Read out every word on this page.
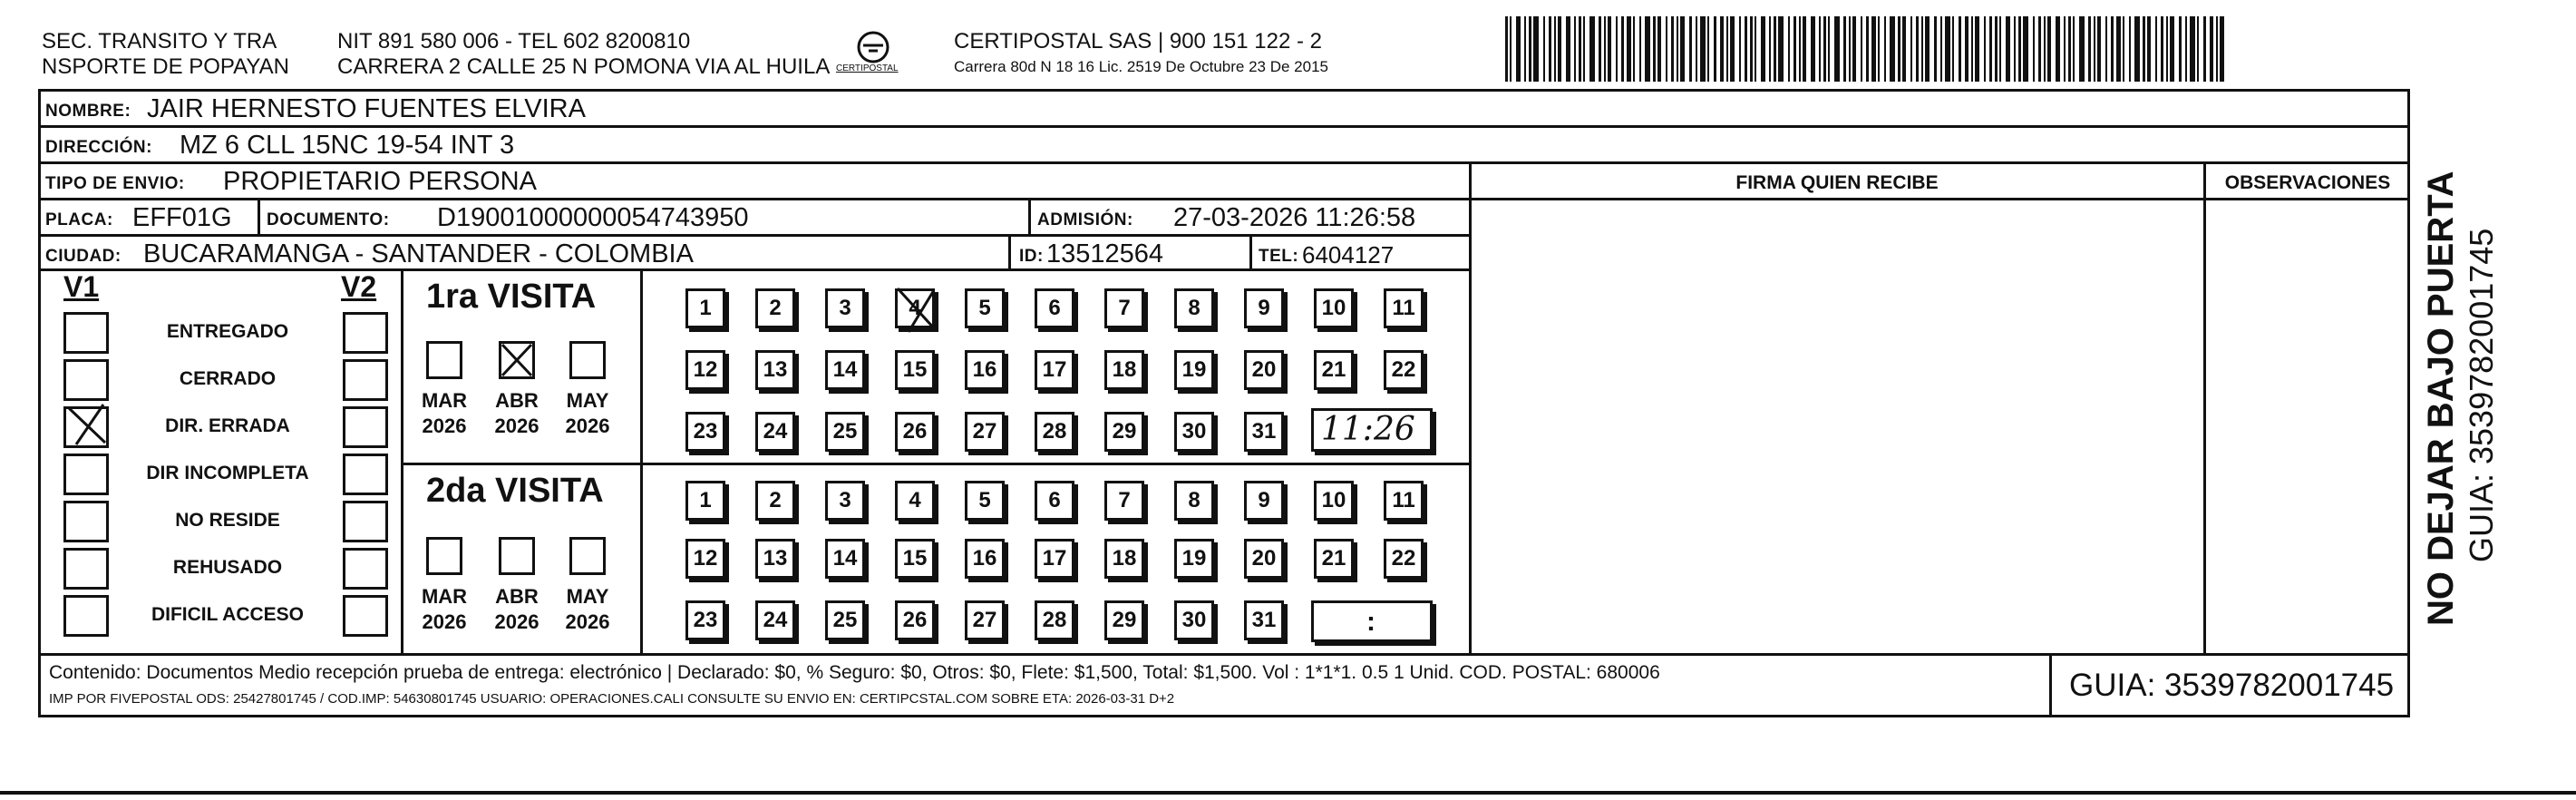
SEC. TRANSITO Y TRA
NSPORTE DE POPAYAN
NIT 891 580 006 - TEL 602 8200810
CARRERA 2 CALLE 25 N POMONA VIA AL HUILA CERTIPOSTAL
CERTIPOSTAL SAS | 900 151 122 - 2
Carrera 80d N 18 16 Lic. 2519 De Octubre 23 De 2015
NOMBRE: JAIR HERNESTO FUENTES ELVIRA
DIRECCIÓN: MZ 6 CLL 15NC 19-54 INT 3
TIPO DE ENVIO: PROPIETARIO PERSONA	FIRMA QUIEN RECIBE	OBSERVACIONES
PLACA: EFF01G DOCUMENTO: D19001000000054743950	ADMISIÓN: 27-03-2026 11:26:58
CIUDAD: BUCARAMANGA - SANTANDER - COLOMBIA	ID: 13512564	TEL: 6404127
V1	V2
ENTREGADO
CERRADO
DIR. ERRADA
DIR INCOMPLETA
NO RESIDE
REHUSADO
DIFICIL ACCESO
1ra VISITA
MAR
2026
ABR
2026
MAY
2026
1	2	3	4	5	6	7	8	9	10	11
12	13	14	15	16	17	18	19	20	21	22
23	24	25	26	27	28	29	30	31 11:26
2da VISITA
MAR
2026
ABR
2026
MAY
2026
1	2	3	4	5	6	7	8	9	10	11
12	13	14	15	16	17	18	19	20	21	22
23	24	25	26	27	28	29	30	31	:
Contenido: Documentos Medio recepción prueba de entrega: electrónico | Declarado: $0, % Seguro: $0, Otros: $0, Flete: $1,500, Total: $1,500. Vol : 1*1*1. 0.5 1 Unid. COD. POSTAL: 680006
IMP POR FIVEPOSTAL ODS: 25427801745 / COD.IMP: 54630801745 USUARIO: OPERACIONES.CALI CONSULTE SU ENVIO EN: CERTIPCSTAL.COM SOBRE ETA: 2026-03-31 D+2	GUIA: 3539782001745
NO DEJAR BAJO PUERTA GUIA: 3539782001745
